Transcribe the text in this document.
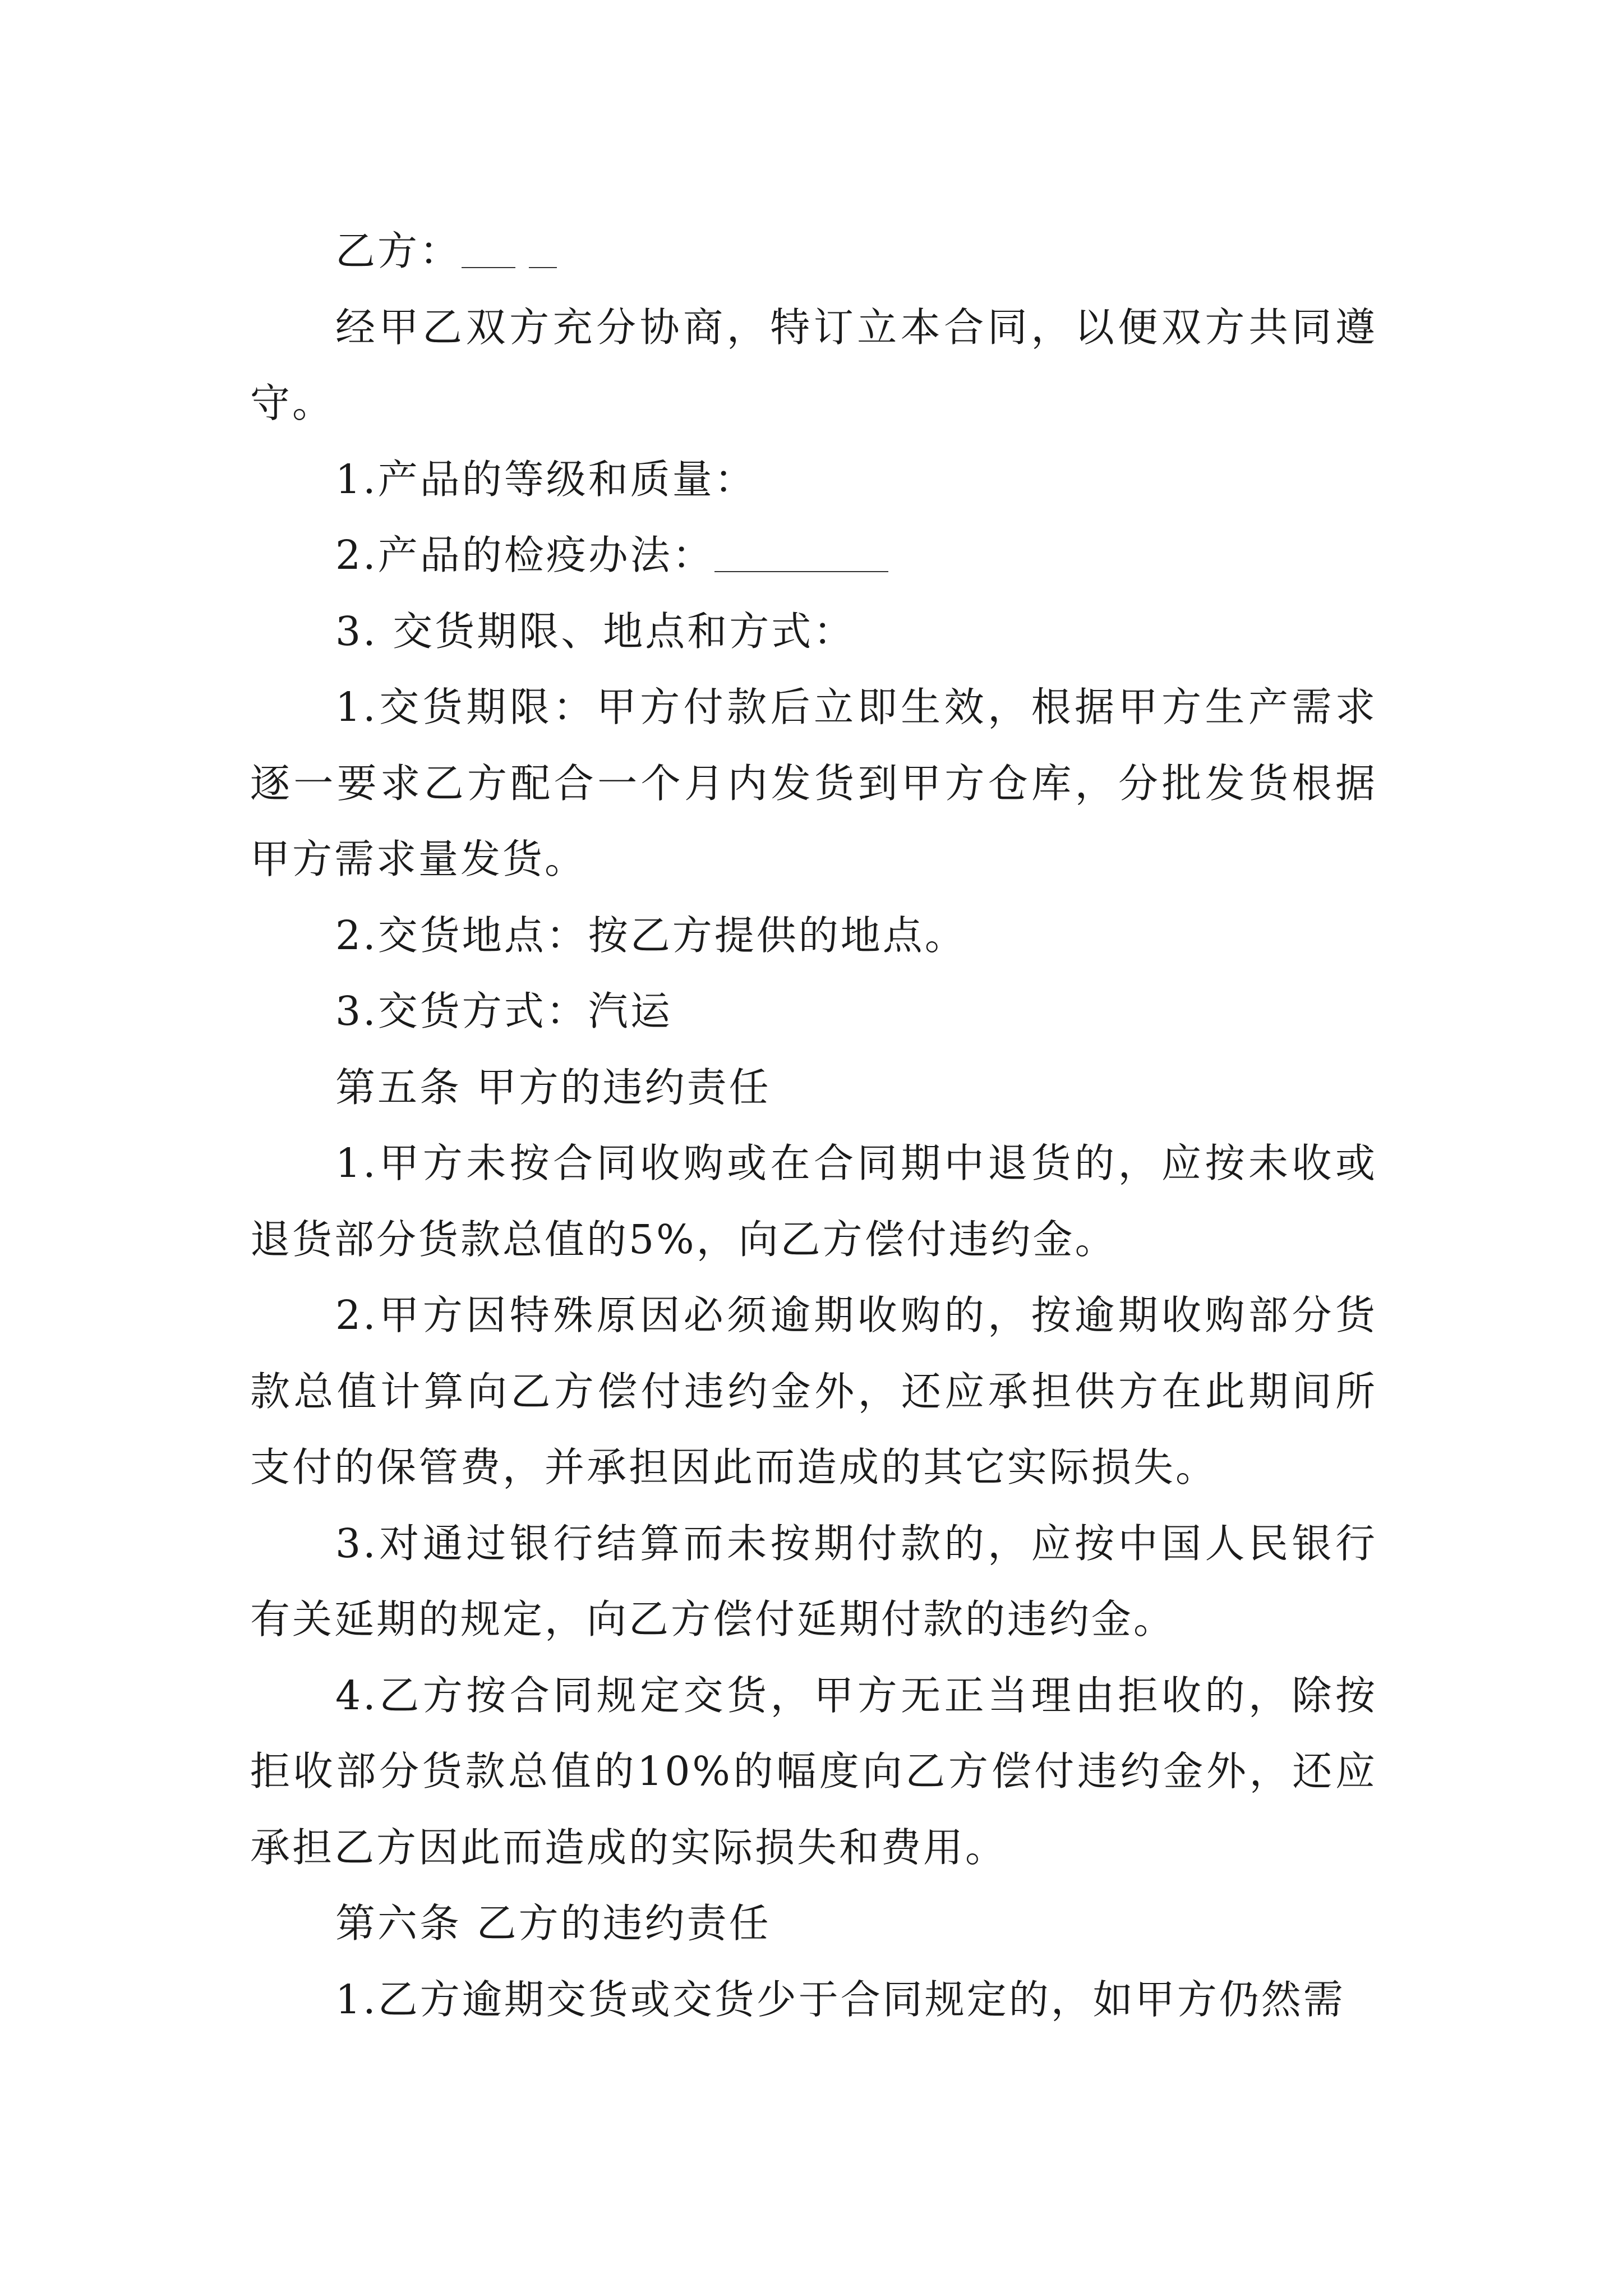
乙方：

经甲乙双方充分协商，特订立本合同，以便双方共同遵守。

1.产品的等级和质量：

2.产品的检疫办法：

3. 交货期限、地点和方式：

1.交货期限：甲方付款后立即生效，根据甲方生产需求逐一要求乙方配合一个月内发货到甲方仓库，分批发货根据甲方需求量发货。

2.交货地点：按乙方提供的地点。

3.交货方式：汽运

第五条 甲方的违约责任

1.甲方未按合同收购或在合同期中退货的，应按未收或退货部分货款总值的5%，向乙方偿付违约金。

2.甲方因特殊原因必须逾期收购的，按逾期收购部分货款总值计算向乙方偿付违约金外，还应承担供方在此期间所支付的保管费，并承担因此而造成的其它实际损失。

3.对通过银行结算而未按期付款的，应按中国人民银行有关延期的规定，向乙方偿付延期付款的违约金。

4.乙方按合同规定交货，甲方无正当理由拒收的，除按拒收部分货款总值的10%的幅度向乙方偿付违约金外，还应承担乙方因此而造成的实际损失和费用。

第六条 乙方的违约责任

1.乙方逾期交货或交货少于合同规定的，如甲方仍然需
